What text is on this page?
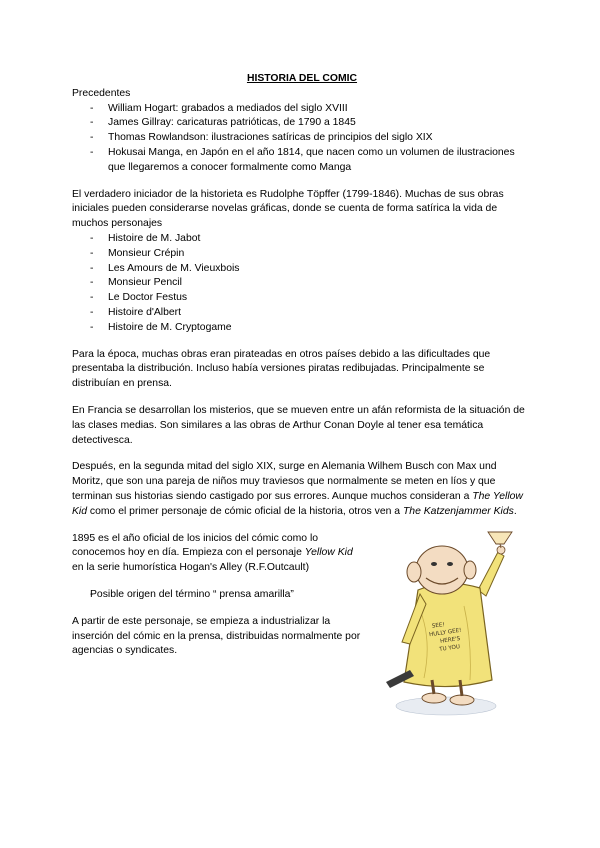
HISTORIA DEL COMIC

Precedentes

- William Hogart: grabados a mediados del siglo XVIII
- James Gillray: caricaturas patrióticas, de 1790 a 1845
- Thomas Rowlandson: ilustraciones satíricas de principios del siglo XIX
- Hokusai Manga, en Japón en el año 1814, que nacen como un volumen de ilustraciones que llegaremos a conocer formalmente como Manga

El verdadero iniciador de la historieta es Rudolphe Töpffer (1799-1846). Muchas de sus obras iniciales pueden considerarse novelas gráficas, donde se cuenta de forma satírica la vida de muchos personajes

- Histoire de M. Jabot
- Monsieur Crépin
- Les Amours de M. Vieuxbois
- Monsieur Pencil
- Le Doctor Festus
- Histoire d'Albert
- Histoire de M. Cryptogame

Para la época, muchas obras eran pirateadas en otros países debido a las dificultades que presentaba la distribución. Incluso había versiones piratas redibujadas. Principalmente se distribuían en prensa.

En Francia se desarrollan los misterios, que se mueven entre un afán reformista de la situación de las clases medias. Son similares a las obras de Arthur Conan Doyle al tener esa temática detectivesca.

Después, en la segunda mitad del siglo XIX, surge en Alemania Wilhem Busch con Max und Moritz, que son una pareja de niños muy traviesos que normalmente se meten en líos y que terminan sus historias siendo castigado por sus errores. Aunque muchos consideran a The Yellow Kid como el primer personaje de cómic oficial de la historia, otros ven a The Katzenjammer Kids.

1895 es el año oficial de los inicios del cómic como lo conocemos hoy en día. Empieza con el personaje Yellow Kid en la serie humorística Hogan's Alley (R.F.Outcault)

- Posible origen del término “ prensa amarilla”

A partir de este personaje, se empieza a industrializar la inserción del cómic en la prensa, distribuidas normalmente por agencias o syndicates.

SEE!
HULLY GEE!
HERE'S
TU YOU
